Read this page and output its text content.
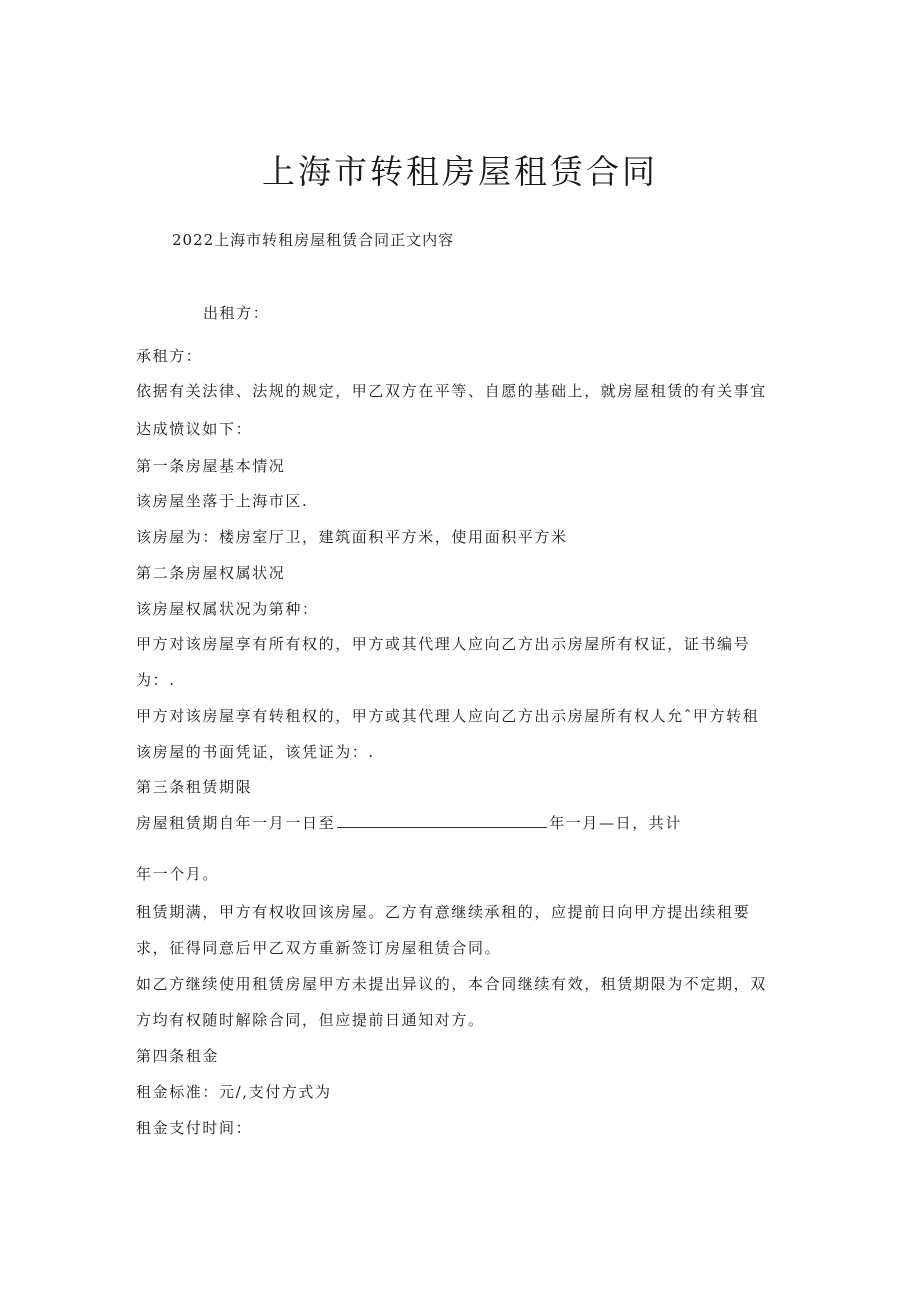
上海市转租房屋租赁合同

2022上海市转租房屋租赁合同正文内容

出租方：

承租方：

依据有关法律、法规的规定，甲乙双方在平等、自愿的基础上，就房屋租赁的有关事宜

达成愤议如下：

第一条房屋基本情况

该房屋坐落于上海市区.

该房屋为：楼房室厅卫，建筑面积平方米，使用面积平方米

第二条房屋权属状况

该房屋权属状况为第种：

甲方对该房屋享有所有权的，甲方或其代理人应向乙方出示房屋所有权证，证书编号

为：.

甲方对该房屋享有转租权的，甲方或其代理人应向乙方出示房屋所有权人允ˆ甲方转租

该房屋的书面凭证，该凭证为：.

第三条租赁期限

房屋租赁期自年一月一日至	年一月—日，共计

年一个月。

租赁期满，甲方有权收回该房屋。乙方有意继续承租的，应提前日向甲方提出续租要

求，征得同意后甲乙双方重新签订房屋租赁合同。

如乙方继续使用租赁房屋甲方未提出异议的，本合同继续有效，租赁期限为不定期，双

方均有权随时解除合同，但应提前日通知对方。

第四条租金

租金标准：元/,支付方式为

租金支付时间：
